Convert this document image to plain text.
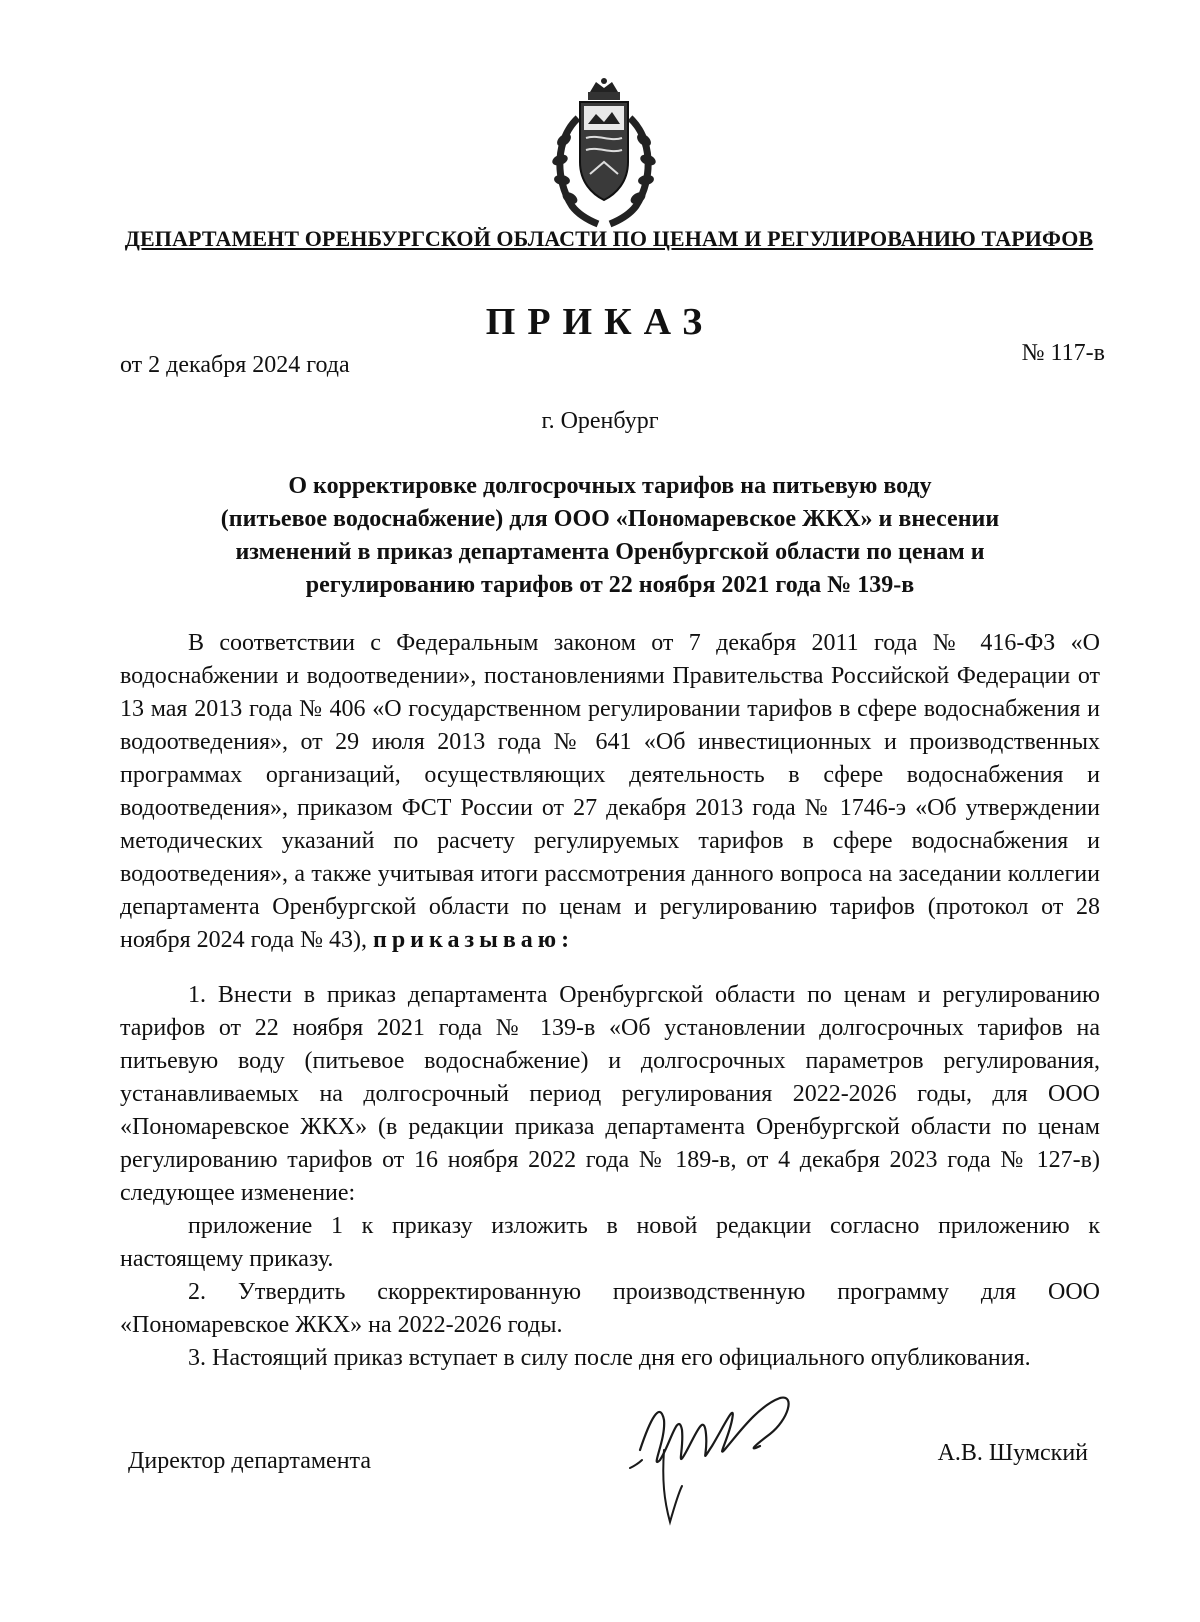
ДЕПАРТАМЕНТ ОРЕНБУРГСКОЙ ОБЛАСТИ ПО ЦЕНАМ И РЕГУЛИРОВАНИЮ ТАРИФОВ
ПРИКАЗ
от 2 декабря 2024 года	№ 117-в
г. Оренбург
О корректировке долгосрочных тарифов на питьевую воду
(питьевое водоснабжение) для ООО «Пономаревское ЖКХ» и внесении
изменений в приказ департамента Оренбургской области по ценам и
регулированию тарифов от 22 ноября 2021 года № 139-в

В соответствии с Федеральным законом от 7 декабря 2011 года № 416-ФЗ «О водоснабжении и водоотведении», постановлениями Правительства Российской Федерации от 13 мая 2013 года № 406 «О государственном регулировании тарифов в сфере водоснабжения и водоотведения», от 29 июля 2013 года № 641 «Об инвестиционных и производственных программах организаций, осуществляющих деятельность в сфере водоснабжения и водоотведения», приказом ФСТ России от 27 декабря 2013 года № 1746-э «Об утверждении методических указаний по расчету регулируемых тарифов в сфере водоснабжения и водоотведения», а также учитывая итоги рассмотрения данного вопроса на заседании коллегии департамента Оренбургской области по ценам и регулированию тарифов (протокол от 28 ноября 2024 года № 43), приказываю:

1. Внести в приказ департамента Оренбургской области по ценам и регулированию тарифов от 22 ноября 2021 года № 139-в «Об установлении долгосрочных тарифов на питьевую воду (питьевое водоснабжение) и долгосрочных параметров регулирования, устанавливаемых на долгосрочный период регулирования 2022-2026 годы, для ООО «Пономаревское ЖКХ» (в редакции приказа департамента Оренбургской области по ценам регулированию тарифов от 16 ноября 2022 года № 189-в, от 4 декабря 2023 года № 127-в) следующее изменение:

приложение 1 к приказу изложить в новой редакции согласно приложению к настоящему приказу.

2. Утвердить скорректированную производственную программу для ООО «Пономаревское ЖКХ» на 2022-2026 годы.

3. Настоящий приказ вступает в силу после дня его официального опубликования.

Директор департамента	А.В. Шумский
